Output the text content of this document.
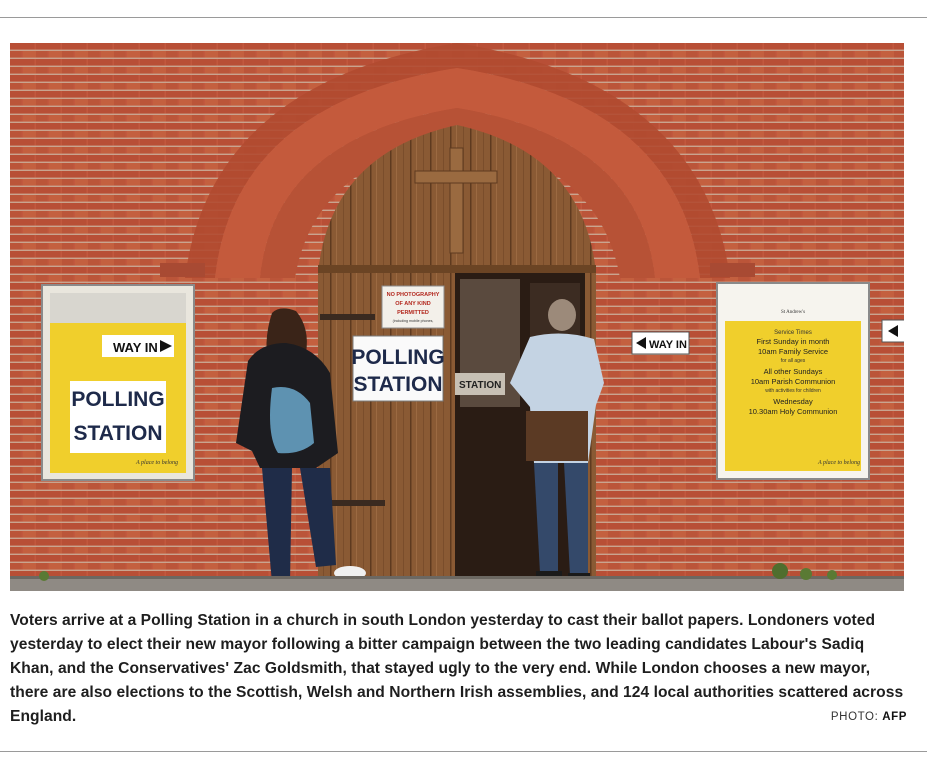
STATION
NO PHOTOGRAPHY
OF ANY KIND
PERMITTED
(including mobile phones,
POLLING
STATION
WAY IN
POLLING
STATION
A place to belong
WAY IN
St Andrew's
Service Times
First Sunday in month
10am Family Service
for all ages
All other Sundays
10am Parish Communion
with activities for children
Wednesday
10.30am Holy Communion
A place to belong

Voters arrive at a Polling Station in a church in south London yesterday to cast their ballot papers. Londoners voted yesterday to elect their new mayor following a bitter campaign between the two leading candidates Labour's Sadiq Khan, and the Conservatives' Zac Goldsmith, that stayed ugly to the very end. While London chooses a new mayor, there are also elections to the Scottish, Welsh and Northern Irish assemblies, and 124 local authorities scattered across England.	PHOTO: AFP
